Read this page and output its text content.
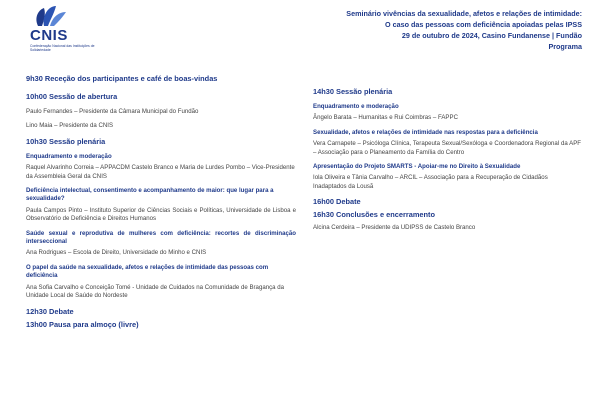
CNIS
Confederação Nacional das Instituições de Solidariedade
Seminário vivências da sexualidade, afetos e relações de intimidade:
O caso das pessoas com deficiência apoiadas pelas IPSS
29 de outubro de 2024, Casino Fundanense | Fundão
Programa
9h30 Receção dos participantes e café de boas-vindas
10h00 Sessão de abertura
Paulo Fernandes – Presidente da Câmara Municipal do Fundão
Lino Maia – Presidente da CNIS
10h30 Sessão plenária
Enquadramento e moderação
Raquel Alvarinho Correia – APPACDM Castelo Branco e Maria de Lurdes Pombo – Vice-Presidente da Assembleia Geral da CNIS
Deficiência intelectual, consentimento e acompanhamento de maior: que lugar para a sexualidade?
Paula Campos Pinto – Instituto Superior de Ciências Sociais e Políticas, Universidade de Lisboa e Observatório de Deficiência e Direitos Humanos
Saúde sexual e reprodutiva de mulheres com deficiência: recortes de discriminação interseccional
Ana Rodrigues – Escola de Direito, Universidade do Minho e CNIS
O papel da saúde na sexualidade, afetos e relações de intimidade das pessoas com deficiência
Ana Sofia Carvalho e Conceição Tomé - Unidade de Cuidados na Comunidade de Bragança da Unidade Local de Saúde do Nordeste
12h30 Debate
13h00 Pausa para almoço (livre)
14h30 Sessão plenária
Enquadramento e moderação
Ângelo Barata – Humanitas e Rui Coimbras – FAPPC
Sexualidade, afetos e relações de intimidade nas respostas para a deficiência
Vera Carnapete – Psicóloga Clínica, Terapeuta Sexual/Sexóloga e Coordenadora Regional da APF – Associação para o Planeamento da Família do Centro
Apresentação do Projeto SMARTS - Apoiar-me no Direito à Sexualidade
Iola Oliveira e Tânia Carvalho – ARCIL – Associação para a Recuperação de Cidadãos Inadaptados da Lousã
16h00 Debate
16h30 Conclusões e encerramento
Alcina Cerdeira – Presidente da UDIPSS de Castelo Branco
